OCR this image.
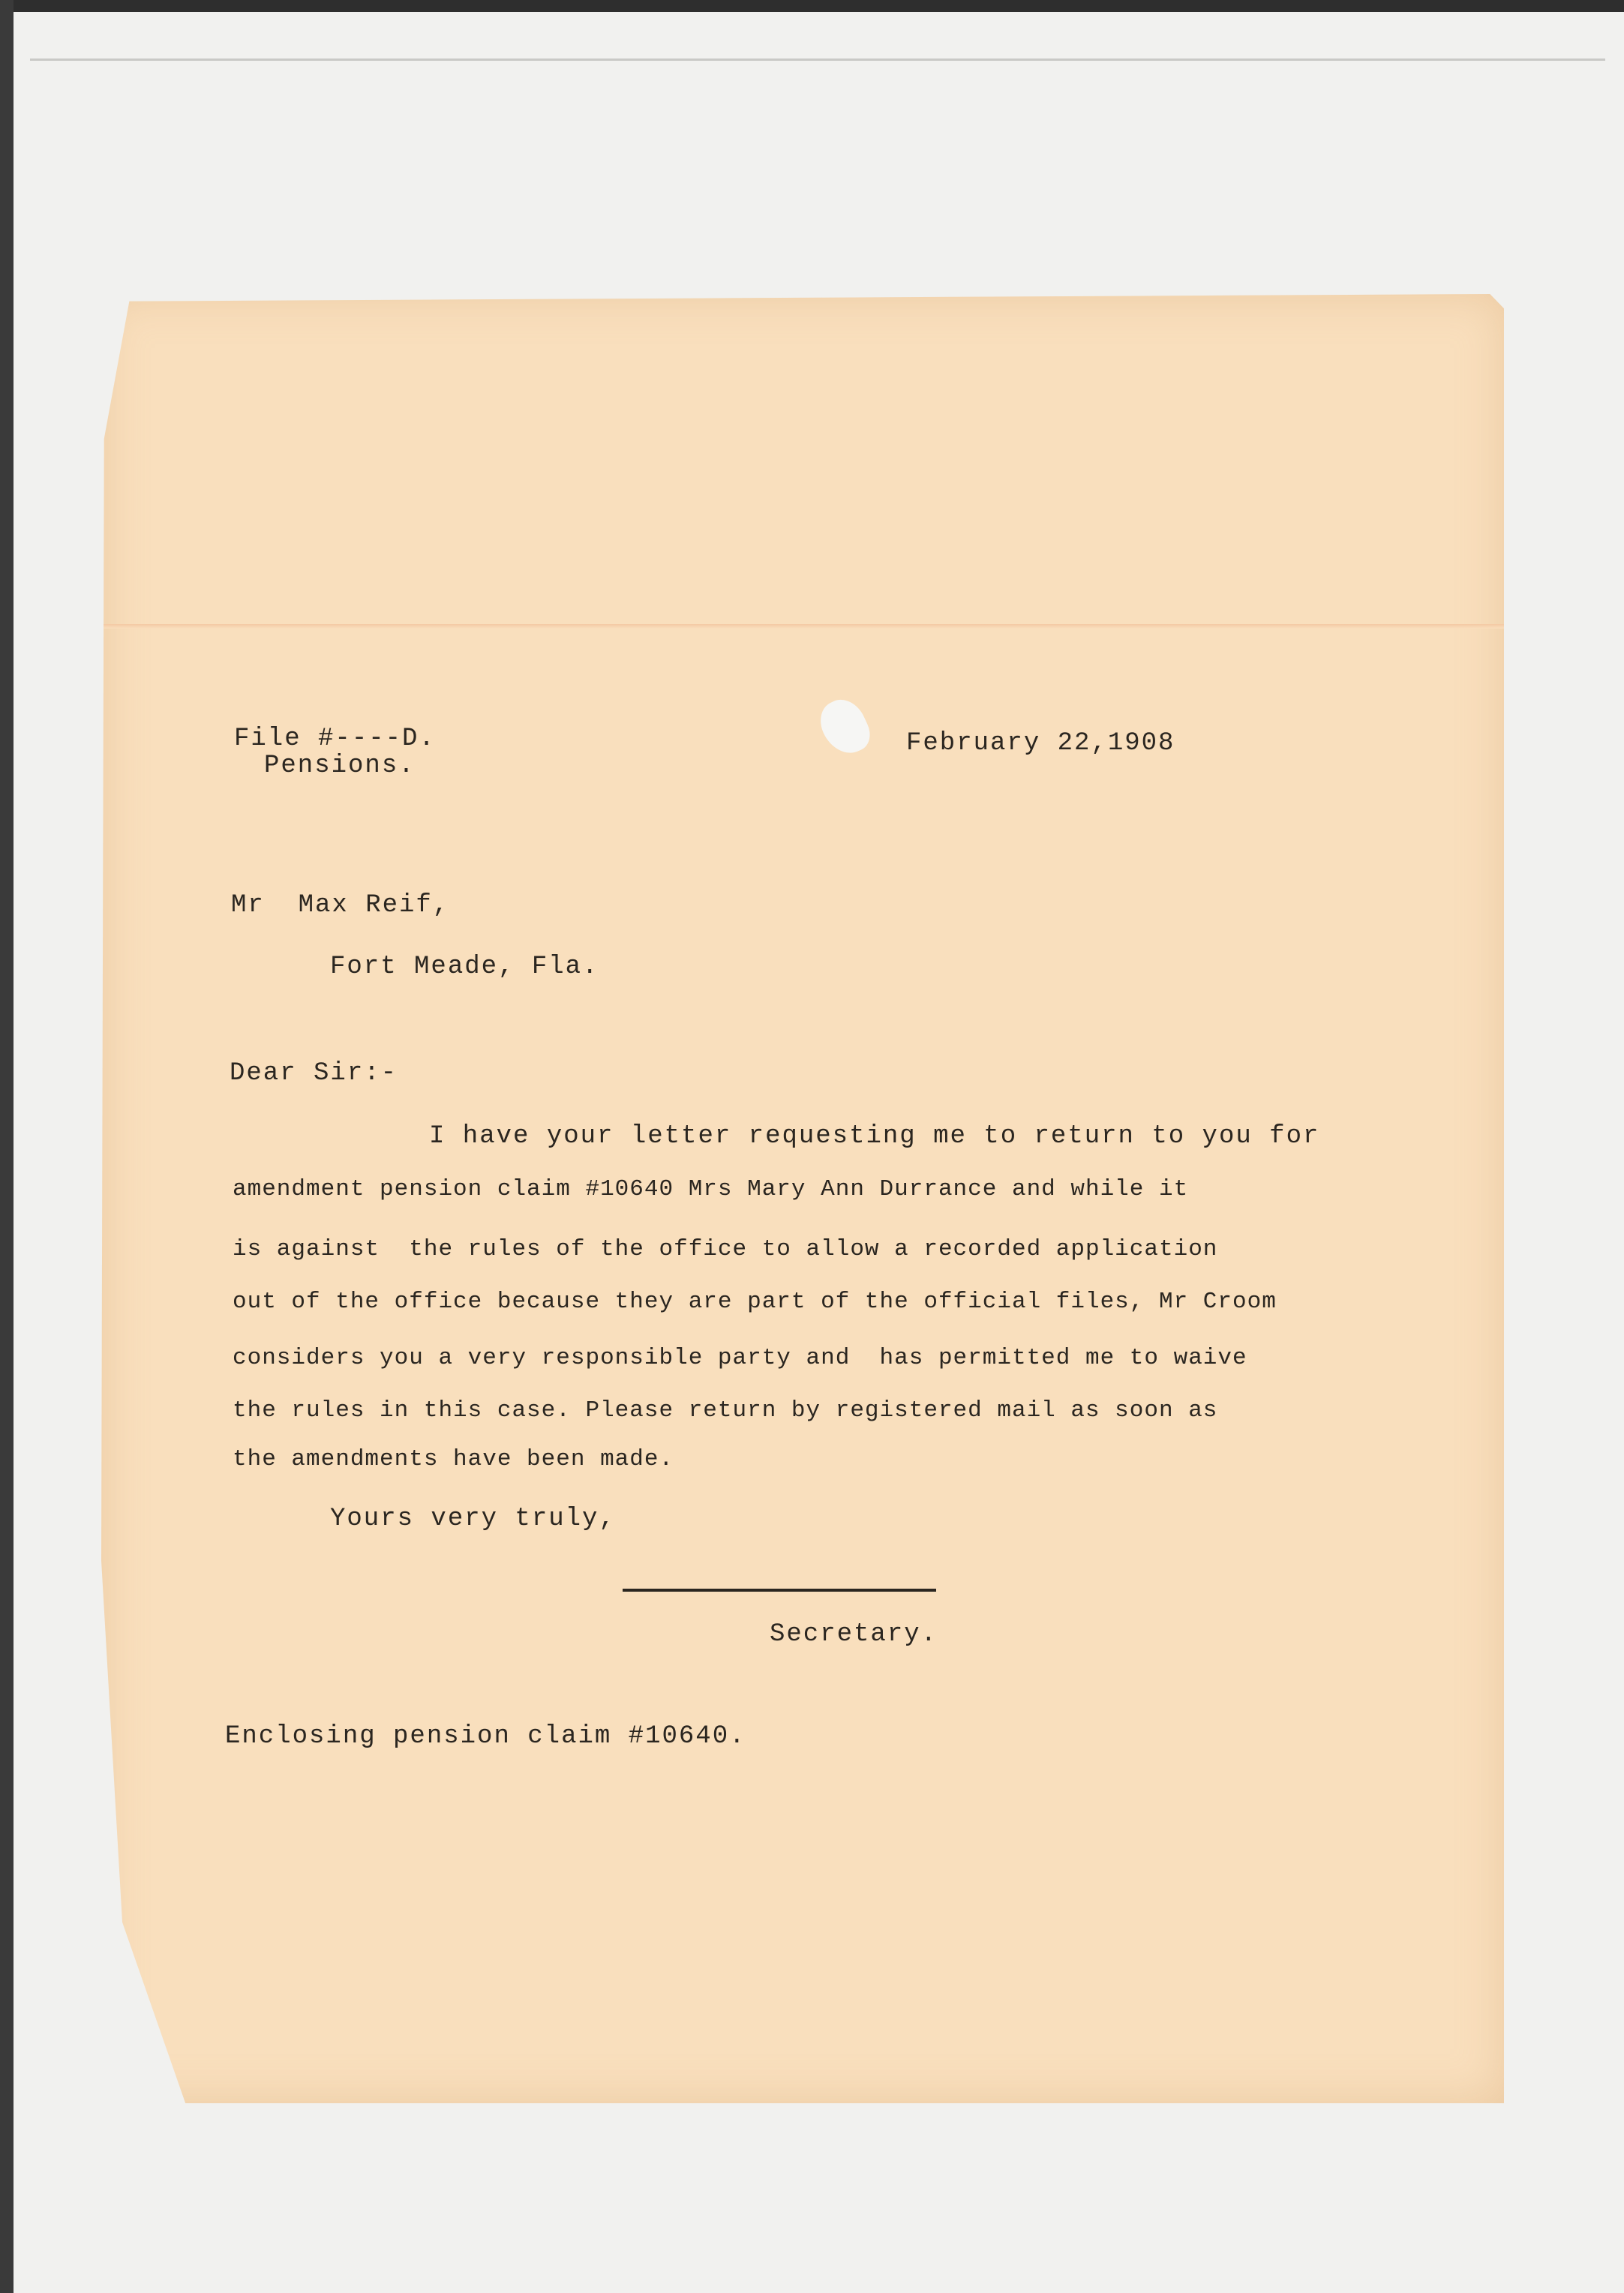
File #----D.
Pensions.
February 22,1908
Mr  Max Reif,
Fort Meade, Fla.
Dear Sir:-
I have your letter requesting me to return to you for
amendment pension claim #10640 Mrs Mary Ann Durrance and while it
is against  the rules of the office to allow a recorded application
out of the office because they are part of the official files, Mr Croom
considers you a very responsible party and  has permitted me to waive
the rules in this case. Please return by registered mail as soon as
the amendments have been made.
Yours very truly,
Secretary.
Enclosing pension claim #10640.
